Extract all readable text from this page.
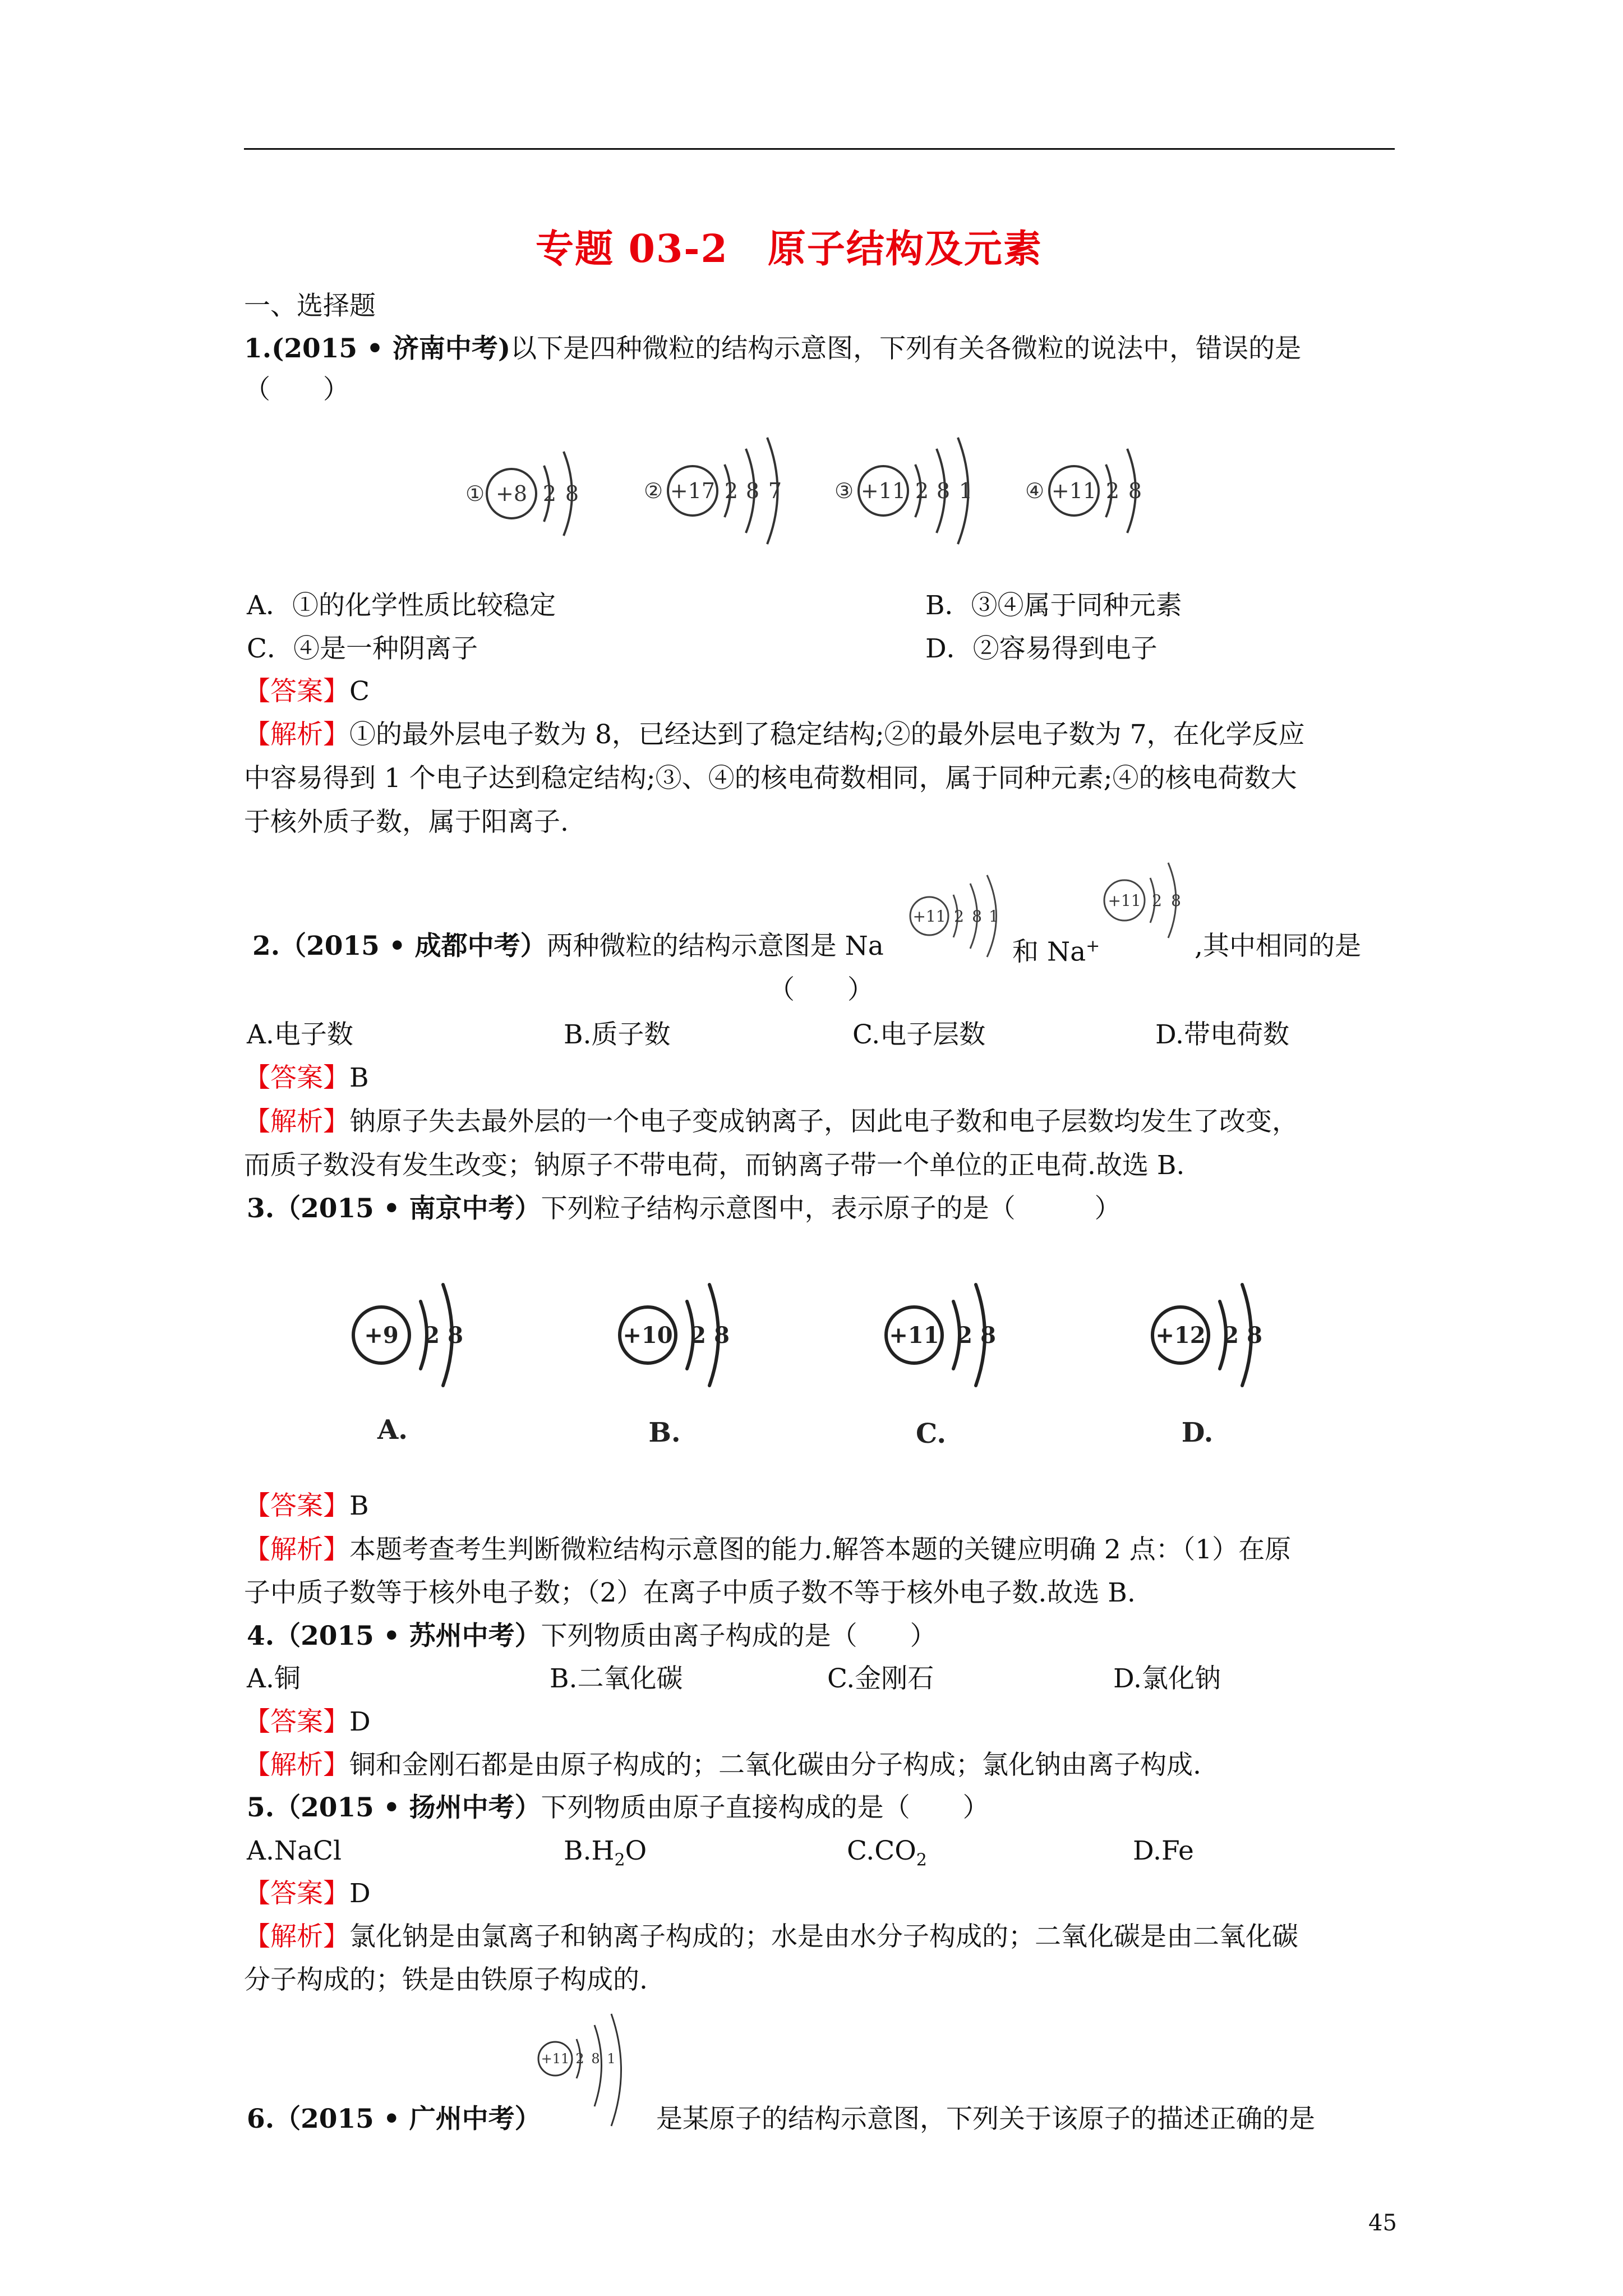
专题 03-2　原子结构及元素
一、选择题
1.(2015 • 济南中考)以下是四种微粒的结构示意图，下列有关各微粒的说法中，错误的是
（　　）
① +8 2 8	② +17 2 8 7 ③ +11 2 8 1 ④ +11 2 8
A．①的化学性质比较稳定	B．③④属于同种元素
C．④是一种阴离子	D．②容易得到电子
【答案】C
【解析】①的最外层电子数为 8，已经达到了稳定结构;②的最外层电子数为 7，在化学反应
中容易得到 1 个电子达到稳定结构;③、④的核电荷数相同，属于同种元素;④的核电荷数大
于核外质子数，属于阳离子.
2.（2015 • 成都中考）两种微粒的结构示意图是 Na
+11 2 8 1
和 Na+
+11 2 8
,其中相同的是
（　　）
A.电子数	B.质子数	C.电子层数	D.带电荷数
【答案】B
【解析】钠原子失去最外层的一个电子变成钠离子，因此电子数和电子层数均发生了改变，
而质子数没有发生改变；钠原子不带电荷，而钠离子带一个单位的正电荷.故选 B.
3.（2015 • 南京中考）下列粒子结构示意图中，表示原子的是（　　　）
+9 2 8
A.
+10 2 8
B.
+11 2 8
C.
+12 2 8
D.
【答案】B
【解析】本题考查考生判断微粒结构示意图的能力.解答本题的关键应明确 2 点：（1）在原
子中质子数等于核外电子数；（2）在离子中质子数不等于核外电子数.故选 B.
4.（2015 • 苏州中考）下列物质由离子构成的是（　　）
A.铜	B.二氧化碳	C.金刚石	D.氯化钠
【答案】D
【解析】铜和金刚石都是由原子构成的；二氧化碳由分子构成；氯化钠由离子构成.
5.（2015 • 扬州中考）下列物质由原子直接构成的是（　　）
A.NaCl	$B.H_2O$	$C.CO_2$	D.Fe
【答案】D
【解析】氯化钠是由氯离子和钠离子构成的；水是由水分子构成的；二氧化碳是由二氧化碳
分子构成的；铁是由铁原子构成的.
6.（2015 • 广州中考）
+11 2 8 1
是某原子的结构示意图，下列关于该原子的描述正确的是
45
